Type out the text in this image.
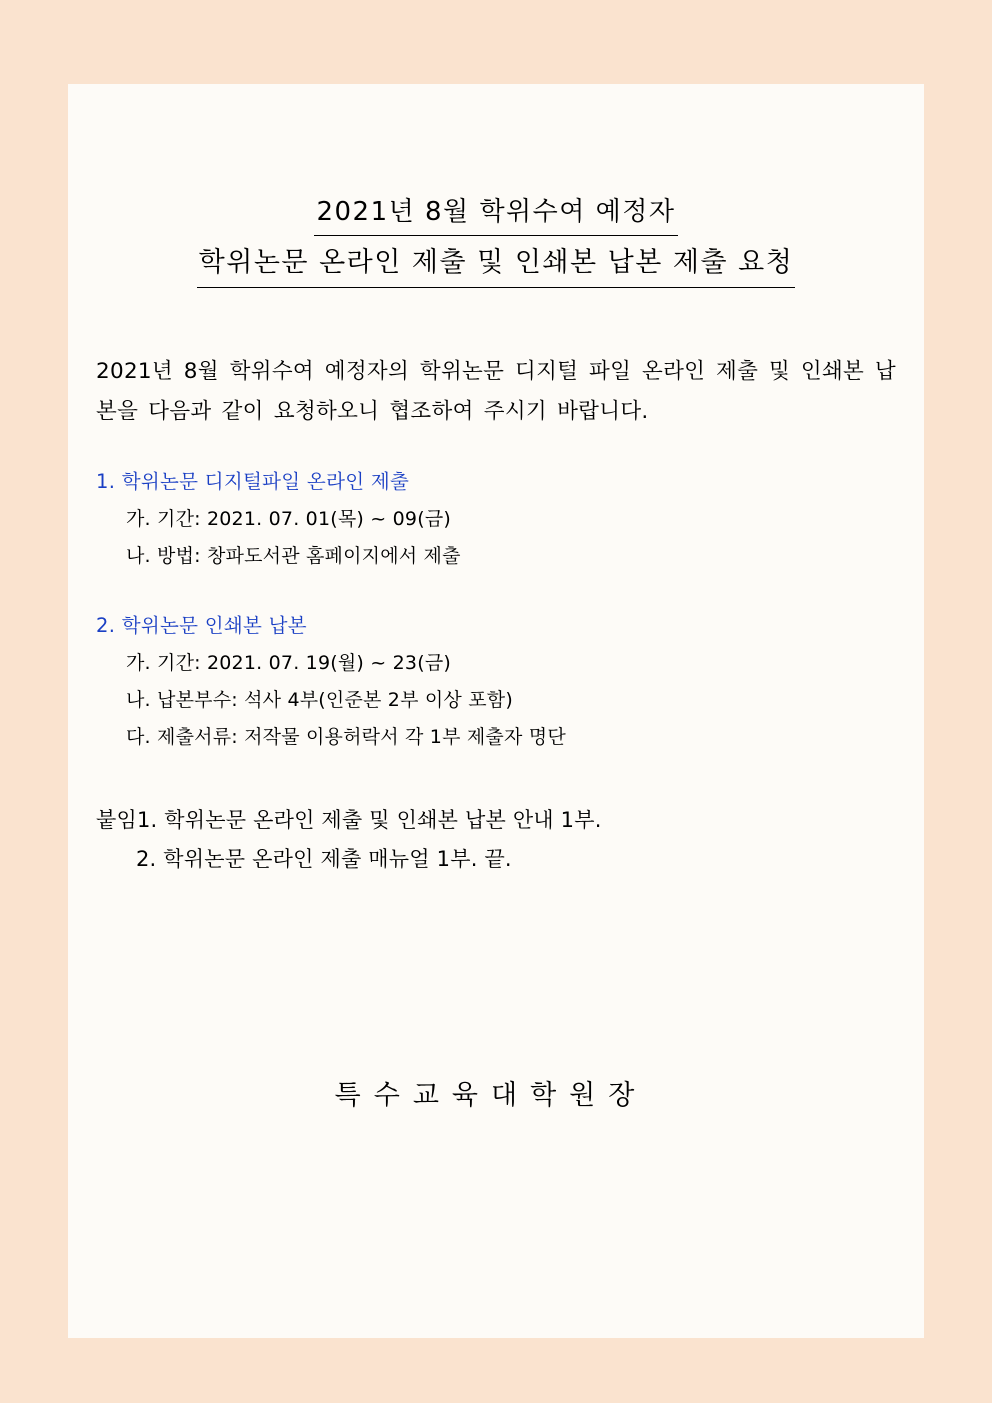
2021년 8월 학위수여 예정자
학위논문 온라인 제출 및 인쇄본 납본 제출 요청

2021년 8월 학위수여 예정자의 학위논문 디지털 파일 온라인 제출 및 인쇄본 납본을 다음과 같이 요청하오니 협조하여 주시기 바랍니다.

1. 학위논문 디지털파일 온라인 제출
가. 기간: 2021. 07. 01(목) ~ 09(금)
나. 방법: 창파도서관 홈페이지에서 제출
2. 학위논문 인쇄본 납본
가. 기간: 2021. 07. 19(월) ~ 23(금)
나. 납본부수: 석사 4부(인준본 2부 이상 포함)
다. 제출서류: 저작물 이용허락서 각 1부 제출자 명단
붙임1. 학위논문 온라인 제출 및 인쇄본 납본 안내 1부.
2. 학위논문 온라인 제출 매뉴얼 1부. 끝.
특수교육대학원장
